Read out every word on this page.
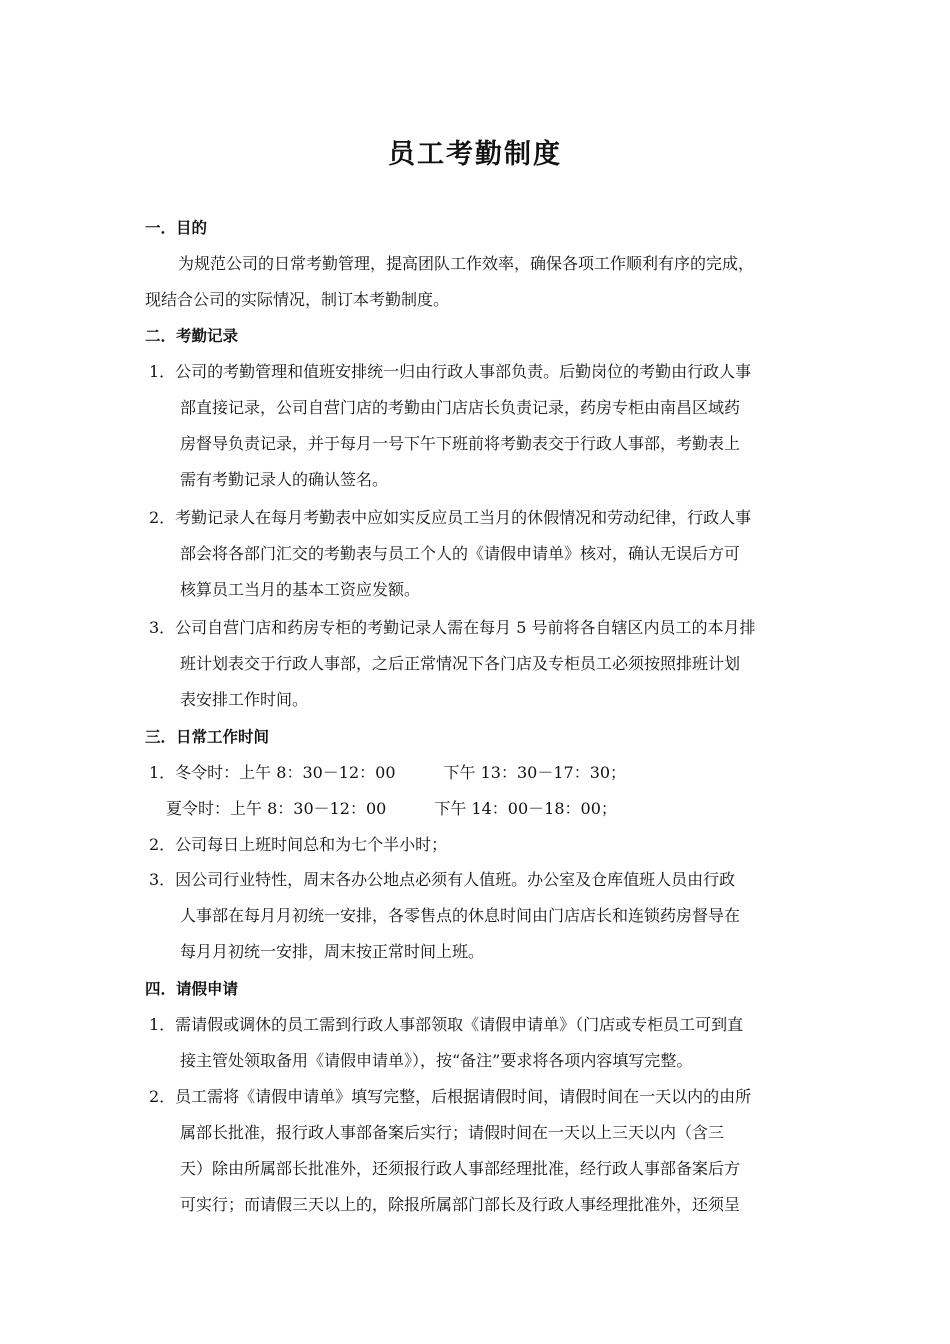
员工考勤制度
一．目的
为规范公司的日常考勤管理，提高团队工作效率，确保各项工作顺利有序的完成，
现结合公司的实际情况，制订本考勤制度。
二．考勤记录
1．公司的考勤管理和值班安排统一归由行政人事部负责。后勤岗位的考勤由行政人事
部直接记录，公司自营门店的考勤由门店店长负责记录，药房专柜由南昌区域药
房督导负责记录，并于每月一号下午下班前将考勤表交于行政人事部，考勤表上
需有考勤记录人的确认签名。
2．考勤记录人在每月考勤表中应如实反应员工当月的休假情况和劳动纪律，行政人事
部会将各部门汇交的考勤表与员工个人的《请假申请单》核对，确认无误后方可
核算员工当月的基本工资应发额。
3．公司自营门店和药房专柜的考勤记录人需在每月 5 号前将各自辖区内员工的本月排
班计划表交于行政人事部，之后正常情况下各门店及专柜员工必须按照排班计划
表安排工作时间。
三．日常工作时间
1．冬令时：上午 8：30－12：00　　　下午 13：30－17：30；
夏令时：上午 8：30－12：00　　　下午 14：00－18：00；
2．公司每日上班时间总和为七个半小时；
3．因公司行业特性，周末各办公地点必须有人值班。办公室及仓库值班人员由行政
人事部在每月月初统一安排，各零售点的休息时间由门店店长和连锁药房督导在
每月月初统一安排，周末按正常时间上班。
四．请假申请
1．需请假或调休的员工需到行政人事部领取《请假申请单》（门店或专柜员工可到直
接主管处领取备用《请假申请单》），按“备注”要求将各项内容填写完整。
2．员工需将《请假申请单》填写完整，后根据请假时间，请假时间在一天以内的由所
属部长批准，报行政人事部备案后实行；请假时间在一天以上三天以内（含三
天）除由所属部长批准外，还须报行政人事部经理批准，经行政人事部备案后方
可实行；而请假三天以上的，除报所属部门部长及行政人事经理批准外，还须呈
